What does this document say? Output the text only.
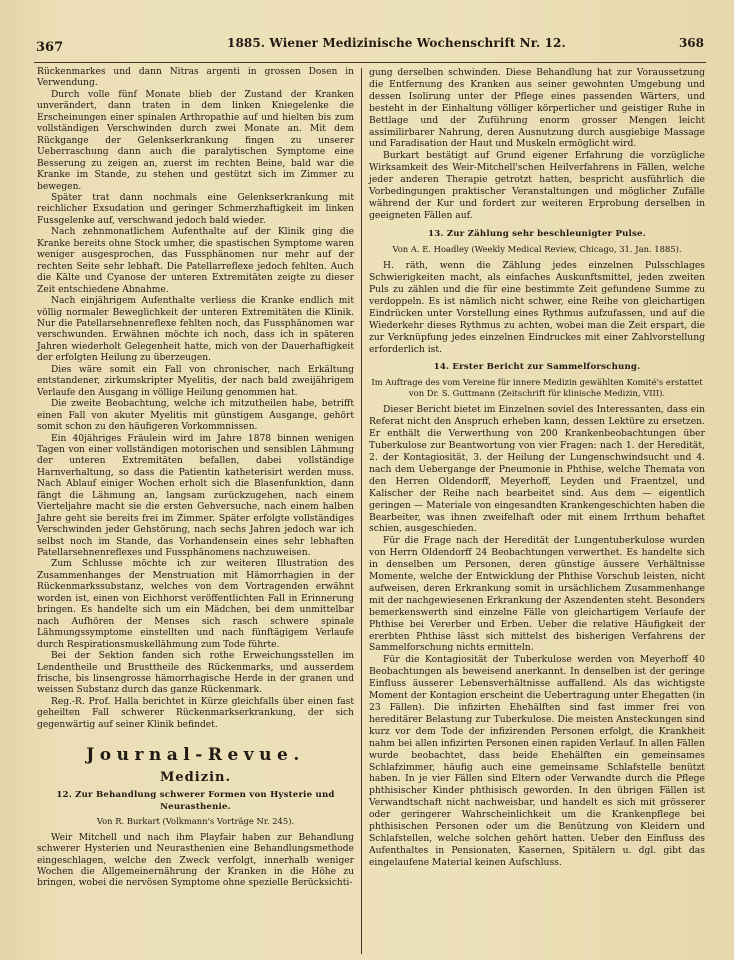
367	1885. Wiener Medizinische Wochenschrift Nr. 12.	368

Rückenmarkes und dann Nitras argenti in grossen Dosen in Verwendung.

Durch volle fünf Monate blieb der Zustand der Kranken unverändert, dann traten in dem linken Kniegelenke die Erscheinungen einer spinalen Arthropathie auf und hielten bis zum vollständigen Verschwinden durch zwei Monate an. Mit dem Rückgange der Gelenkserkrankung fingen zu unserer Ueberraschung dann auch die paralytischen Symptome eine Besserung zu zeigen an, zuerst im rechten Beine, bald war die Kranke im Stande, zu stehen und gestützt sich im Zimmer zu bewegen.

Später trat dann nochmals eine Gelenkserkrankung mit reichlicher Exsudation und geringer Schmerzhaftigkeit im linken Fussgelenke auf, verschwand jedoch bald wieder.

Nach zehnmonatlichem Aufenthalte auf der Klinik ging die Kranke bereits ohne Stock umher, die spastischen Symptome waren weniger ausgesprochen, das Fussphänomen nur mehr auf der rechten Seite sehr lebhaft. Die Patellarreflexe jedoch fehlten. Auch die Kälte und Cyanose der unteren Extremitäten zeigte zu dieser Zeit entschiedene Abnahme.

Nach einjährigem Aufenthalte verliess die Kranke endlich mit völlig normaler Beweglichkeit der unteren Extremitäten die Klinik. Nur die Patellarsehnenreflexe fehlten noch, das Fussphänomen war verschwunden. Erwähnen möchte ich noch, dass ich in späteren Jahren wiederholt Gelegenheit hatte, mich von der Dauerhaftigkeit der erfolgten Heilung zu überzeugen.

Dies wäre somit ein Fall von chronischer, nach Erkältung entstandener, zirkumskripter Myelitis, der nach bald zweijährigem Verlaufe den Ausgang in völlige Heilung genommen hat.

Die zweite Beobachtung, welche ich mitzutheilen habe, betrifft einen Fall von akuter Myelitis mit günstigem Ausgange, gehört somit schon zu den häufigeren Vorkommnissen.

Ein 40jähriges Fräulein wird im Jahre 1878 binnen wenigen Tagen von einer vollständigen motorischen und sensiblen Lähmung der unteren Extremitäten befallen, dabei vollständige Harnverhaltung, so dass die Patientin katheterisirt werden muss. Nach Ablauf einiger Wochen erholt sich die Blasenfunktion, dann fängt die Lähmung an, langsam zurückzugehen, nach einem Vierteljahre macht sie die ersten Gehversuche, nach einem halben Jahre geht sie bereits frei im Zimmer. Später erfolgte vollständiges Verschwinden jeder Gehstörung, nach sechs Jahren jedoch war ich selbst noch im Stande, das Vorhandensein eines sehr lebhaften Patellarsehnenreflexes und Fussphänomens nachzuweisen.

Zum Schlusse möchte ich zur weiteren Illustration des Zusammenhanges der Menstruation mit Hämorrhagien in der Rückenmarkssubstanz, welches von dem Vortragenden erwähnt worden ist, einen von Eichhorst veröffentlichten Fall in Erinnerung bringen. Es handelte sich um ein Mädchen, bei dem unmittelbar nach Aufhören der Menses sich rasch schwere spinale Lähmungssymptome einstellten und nach fünftägigem Verlaufe durch Respirationsmuskellähmung zum Tode führte.

Bei der Sektion fanden sich rothe Erweichungsstellen im Lendentheile und Brusttheile des Rückenmarks, und ausserdem frische, bis linsengrosse hämorrhagische Herde in der granen und weissen Substanz durch das ganze Rückenmark.

Reg.-R. Prof. Halla berichtet in Kürze gleichfalls über einen fast geheilten Fall schwerer Rückenmarkserkrankung, der sich gegenwärtig auf seiner Klinik befindet.

Journal-Revue.
Medizin.
12. Zur Behandlung schwerer Formen von Hysterie und Neurasthenie.
Von R. Burkart (Volkmann's Vorträge Nr. 245).

Weir Mitchell und nach ihm Playfair haben zur Behandlung schwerer Hysterien und Neurasthenien eine Behandlungsmethode eingeschlagen, welche den Zweck verfolgt, innerhalb weniger Wochen die Allgemeinernährung der Kranken in die Höhe zu bringen, wobei die nervösen Symptome ohne spezielle Berücksichti-

gung derselben schwinden. Diese Behandlung hat zur Voraussetzung die Entfernung des Kranken aus seiner gewohnten Umgebung und dessen Isolirung unter der Pflege eines passenden Wärters, und besteht in der Einhaltung völliger körperlicher und geistiger Ruhe in Bettlage und der Zuführung enorm grosser Mengen leicht assimilirbarer Nahrung, deren Ausnutzung durch ausgiebige Massage und Faradisation der Haut und Muskeln ermöglicht wird.

Burkart bestätigt auf Grund eigener Erfahrung die vorzügliche Wirksamkeit des Weir-Mitchell'schen Heilverfahrens in Fällen, welche jeder anderen Therapie getrotzt hatten, bespricht ausführlich die Vorbedingungen praktischer Veranstaltungen und möglicher Zufälle während der Kur und fordert zur weiteren Erprobung derselben in geeigneten Fällen auf.

13. Zur Zählung sehr beschleunigter Pulse.
Von A. E. Hoadley (Weekly Medical Review, Chicago, 31. Jan. 1885).

H. räth, wenn die Zählung jedes einzelnen Pulsschlages Schwierigkeiten macht, als einfaches Auskunftsmittel, jeden zweiten Puls zu zählen und die für eine bestimmte Zeit gefundene Summe zu verdoppeln. Es ist nämlich nicht schwer, eine Reihe von gleichartigen Eindrücken unter Vorstellung eines Rythmus aufzufassen, und auf die Wiederkehr dieses Rythmus zu achten, wobei man die Zeit erspart, die zur Verknüpfung jedes einzelnen Eindruckes mit einer Zahlvorstellung erforderlich ist.

14. Erster Bericht zur Sammelforschung.
Im Auftrage des vom Vereine für innere Medizin gewählten Komité's erstattet von Dr. S. Guttmann (Zeitschrift für klinische Medizin, VIII).

Dieser Bericht bietet im Einzelnen soviel des Interessanten, dass ein Referat nicht den Anspruch erheben kann, dessen Lektüre zu ersetzen. Er enthält die Verwerthung von 200 Krankenbeobachtungen über Tuberkulose zur Beantwortung von vier Fragen: nach 1. der Heredität, 2. der Kontagiosität, 3. der Heilung der Lungenschwindsucht und 4. nach dem Uebergange der Pneumonie in Phthise, welche Themata von den Herren Oldendorff, Meyerhoff, Leyden und Fraentzel, und Kalischer der Reihe nach bearbeitet sind. Aus dem — eigentlich geringen — Materiale von eingesandten Krankengeschichten haben die Bearbeiter, was ihnen zweifelhaft oder mit einem Irrthum behaftet schien, ausgeschieden.

Für die Frage nach der Heredität der Lungentuberkulose wurden von Herrn Oldendorff 24 Beobachtungen verwerthet. Es handelte sich in denselben um Personen, deren günstige äussere Verhältnisse Momente, welche der Entwicklung der Phthise Vorschub leisten, nicht aufweisen, deren Erkrankung somit in ursächlichem Zusammenhange mit der nachgewiesenen Erkrankung der Aszendenten steht. Besonders bemerkenswerth sind einzelne Fälle von gleichartigem Verlaufe der Phthise bei Vererber und Erben. Ueber die relative Häufigkeit der ererbten Phthise lässt sich mittelst des bisherigen Verfahrens der Sammelforschung nichts ermitteln.

Für die Kontagiosität der Tuberkulose werden von Meyerhoff 40 Beobachtungen als beweisend anerkannt. In denselben ist der geringe Einfluss äusserer Lebensverhältnisse auffallend. Als das wichtigste Moment der Kontagion erscheint die Uebertragung unter Ehegatten (in 23 Fällen). Die infizirten Ehehälften sind fast immer frei von hereditärer Belastung zur Tuberkulose. Die meisten Ansteckungen sind kurz vor dem Tode der infizirenden Personen erfolgt, die Krankheit nahm bei allen infizirten Personen einen rapiden Verlauf. In allen Fällen wurde beobachtet, dass beide Ehehälften ein gemeinsames Schlafzimmer, häufig auch eine gemeinsame Schlafstelle benützt haben. In je vier Fällen sind Eltern oder Verwandte durch die Pflege phthisischer Kinder phthisisch geworden. In den übrigen Fällen ist Verwandtschaft nicht nachweisbar, und handelt es sich mit grösserer oder geringerer Wahrscheinlichkeit um die Krankenpflege bei phthisischen Personen oder um die Benützung von Kleidern und Schlafstellen, welche solchen gehört hatten. Ueber den Einfluss des Aufenthaltes in Pensionaten, Kasernen, Spitälern u. dgl. gibt das eingelaufene Material keinen Aufschluss.
